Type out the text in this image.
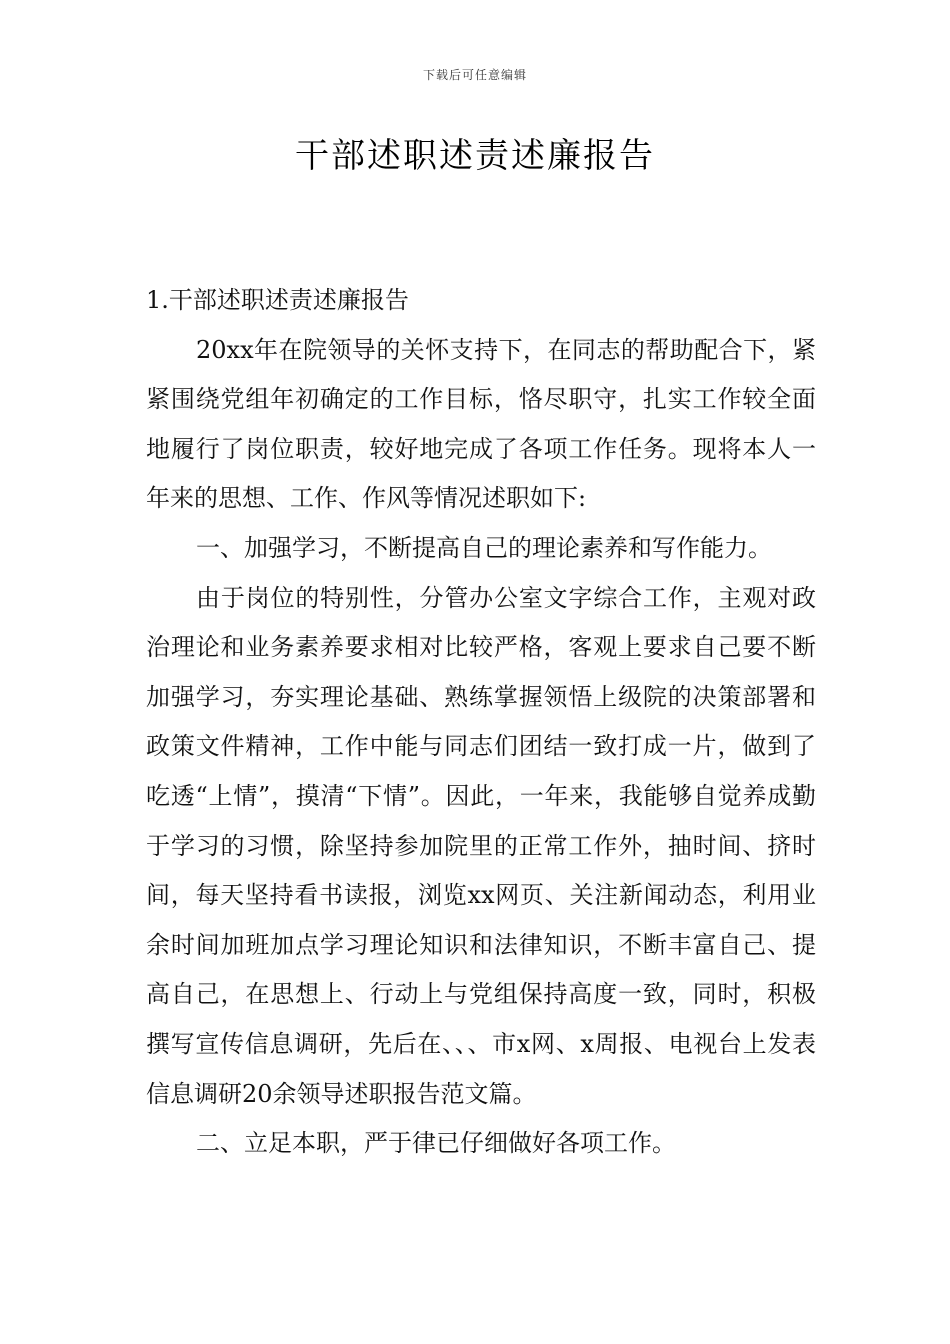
下载后可任意编辑
干部述职述责述廉报告

1.干部述职述责述廉报告

20xx年在院领导的关怀支持下，在同志的帮助配合下，紧紧围绕党组年初确定的工作目标，恪尽职守，扎实工作较全面地履行了岗位职责，较好地完成了各项工作任务。现将本人一年来的思想、工作、作风等情况述职如下:

一、加强学习，不断提高自己的理论素养和写作能力。

由于岗位的特别性，分管办公室文字综合工作，主观对政治理论和业务素养要求相对比较严格，客观上要求自己要不断加强学习，夯实理论基础、熟练掌握领悟上级院的决策部署和政策文件精神，工作中能与同志们团结一致打成一片，做到了吃透“上情”，摸清“下情”。因此，一年来，我能够自觉养成勤于学习的习惯，除坚持参加院里的正常工作外，抽时间、挤时间，每天坚持看书读报，浏览xx网页、关注新闻动态，利用业余时间加班加点学习理论知识和法律知识，不断丰富自己、提高自己，在思想上、行动上与党组保持高度一致，同时，积极撰写宣传信息调研，先后在、、、市x网、x周报、电视台上发表信息调研20余领导述职报告范文篇。

二、立足本职，严于律已仔细做好各项工作。
